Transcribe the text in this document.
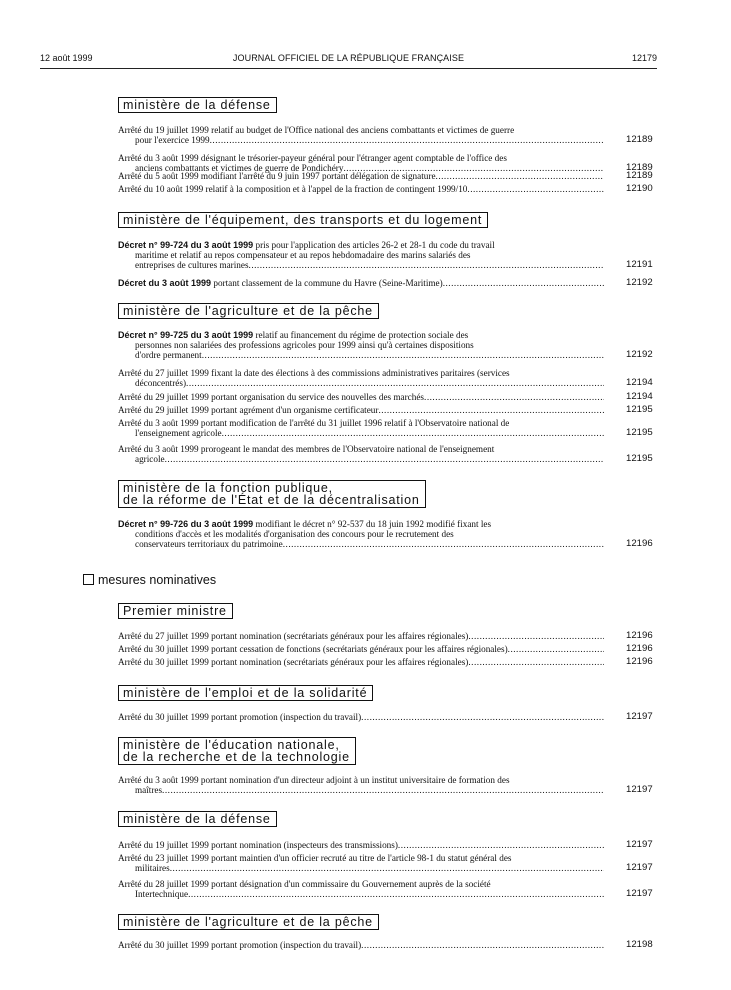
12 août 1999	JOURNAL OFFICIEL DE LA RÉPUBLIQUE FRANÇAISE	12179
ministère de la défense
Arrêté du 19 juillet 1999 relatif au budget de l'Office national des anciens combattants et victimes de guerre
pour l'exercice 1999 .....	12189
Arrêté du 3 août 1999 désignant le trésorier-payeur général pour l'étranger agent comptable de l'office des
anciens combattants et victimes de guerre de Pondichéry .....	12189
Arrêté du 5 août 1999 modifiant l'arrêté du 9 juin 1997 portant délégation de signature .....	12189
Arrêté du 10 août 1999 relatif à la composition et à l'appel de la fraction de contingent 1999/10 .....	12190
ministère de l'équipement, des transports et du logement
Décret n° 99-724 du 3 août 1999 pris pour l'application des articles 26-2 et 28-1 du code du travail
maritime et relatif au repos compensateur et au repos hebdomadaire des marins salariés des
entreprises de cultures marines .....	12191
Décret du 3 août 1999 portant classement de la commune du Havre (Seine-Maritime) .....	12192
ministère de l'agriculture et de la pêche
Décret n° 99-725 du 3 août 1999 relatif au financement du régime de protection sociale des
personnes non salariées des professions agricoles pour 1999 ainsi qu'à certaines dispositions
d'ordre permanent .....	12192
Arrêté du 27 juillet 1999 fixant la date des élections à des commissions administratives paritaires (services
déconcentrés) .....	12194
Arrêté du 29 juillet 1999 portant organisation du service des nouvelles des marchés .....	12194
Arrêté du 29 juillet 1999 portant agrément d'un organisme certificateur .....	12195
Arrêté du 3 août 1999 portant modification de l'arrêté du 31 juillet 1996 relatif à l'Observatoire national de
l'enseignement agricole .....	12195
Arrêté du 3 août 1999 prorogeant le mandat des membres de l'Observatoire national de l'enseignement
agricole .....	12195
ministère de la fonction publique,
de la réforme de l'État et de la décentralisation
Décret n° 99-726 du 3 août 1999 modifiant le décret n° 92-537 du 18 juin 1992 modifié fixant les
conditions d'accès et les modalités d'organisation des concours pour le recrutement des
conservateurs territoriaux du patrimoine .....	12196
mesures nominatives
Premier ministre
Arrêté du 27 juillet 1999 portant nomination (secrétariats généraux pour les affaires régionales) .....	12196
Arrêté du 30 juillet 1999 portant cessation de fonctions (secrétariats généraux pour les affaires régionales) .....	12196
Arrêté du 30 juillet 1999 portant nomination (secrétariats généraux pour les affaires régionales) .....	12196
ministère de l'emploi et de la solidarité
Arrêté du 30 juillet 1999 portant promotion (inspection du travail) .....	12197
ministère de l'éducation nationale,
de la recherche et de la technologie
Arrêté du 3 août 1999 portant nomination d'un directeur adjoint à un institut universitaire de formation des
maîtres .....	12197
ministère de la défense
Arrêté du 19 juillet 1999 portant nomination (inspecteurs des transmissions) .....	12197
Arrêté du 23 juillet 1999 portant maintien d'un officier recruté au titre de l'article 98-1 du statut général des
militaires .....	12197
Arrêté du 28 juillet 1999 portant désignation d'un commissaire du Gouvernement auprès de la société
Intertechnique .....	12197
ministère de l'agriculture et de la pêche
Arrêté du 30 juillet 1999 portant promotion (inspection du travail) .....	12198
